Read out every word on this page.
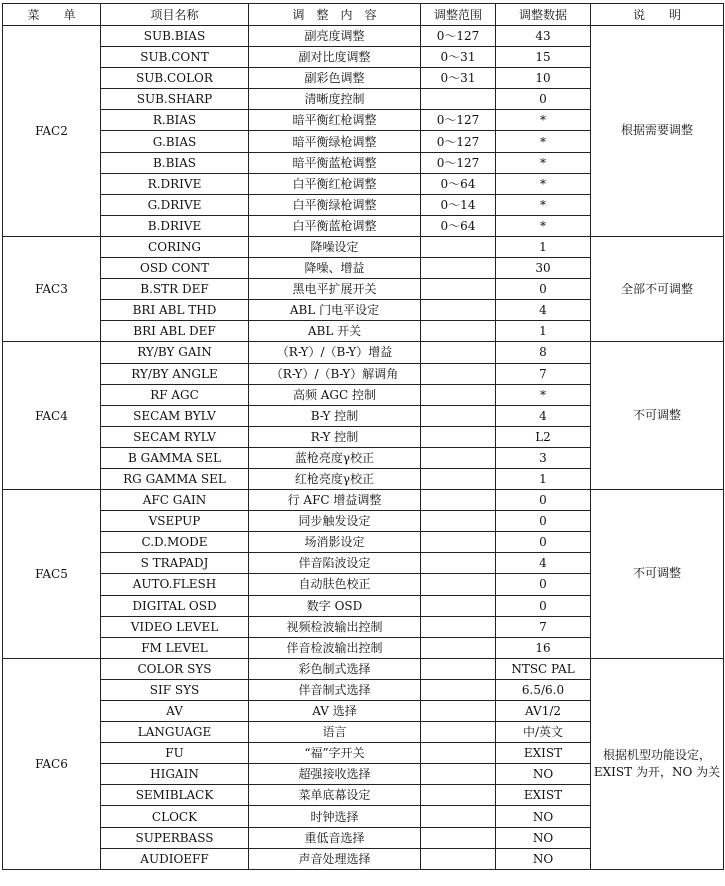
菜　　单	项目名称	调　整　内　容	调整范围	调整数据	说　　明
FAC2	SUB.BIAS	副亮度调整	0～127	43	根据需要调整
	SUB.CONT	副对比度调整	0～31	15	
	SUB.COLOR	副彩色调整	0～31	10	
	SUB.SHARP	清晰度控制		0	
	R.BIAS	暗平衡红枪调整	0～127	*	
	G.BIAS	暗平衡绿枪调整	0～127	*	
	B.BIAS	暗平衡蓝枪调整	0～127	*	
	R.DRIVE	白平衡红枪调整	0～64	*	
	G.DRIVE	白平衡绿枪调整	0～14	*	
	B.DRIVE	白平衡蓝枪调整	0～64	*	
FAC3	CORING	降噪设定		1	全部不可调整
	OSD CONT	降噪、增益		30	
	B.STR DEF	黑电平扩展开关		0	
	BRI ABL THD	ABL 门电平设定		4	
	BRI ABL DEF	ABL 开关		1	
FAC4	RY/BY GAIN	（R-Y）/（B-Y）增益		8	不可调整
	RY/BY ANGLE	（R-Y）/（B-Y）解调角		7	
	RF AGC	高频 AGC 控制		*	
	SECAM BYLV	B-Y 控制		4	
	SECAM RYLV	R-Y 控制		L2	
	B GAMMA SEL	蓝枪亮度γ校正		3	
	RG GAMMA SEL	红枪亮度γ校正		1	
FAC5	AFC GAIN	行 AFC 增益调整		0	不可调整
	VSEPUP	同步触发设定		0	
	C.D.MODE	场消影设定		0	
	S TRAPADJ	伴音陷波设定		4	
	AUTO.FLESH	自动肤色校正		0	
	DIGITAL OSD	数字 OSD		0	
	VIDEO LEVEL	视频检波输出控制		7	
	FM LEVEL	伴音检波输出控制		16	
FAC6	COLOR SYS	彩色制式选择		NTSC PAL	根据机型功能设定，EXIST 为开，NO 为关
	SIF SYS	伴音制式选择		6.5/6.0	
	AV	AV 选择		AV1/2	
	LANGUAGE	语言		中/英文	
	FU	“福”字开关		EXIST	
	HIGAIN	超强接收选择		NO	
	SEMIBLACK	菜单底幕设定		EXIST	
	CLOCK	时钟选择		NO	
	SUPERBASS	重低音选择		NO	
	AUDIOEFF	声音处理选择		NO	
